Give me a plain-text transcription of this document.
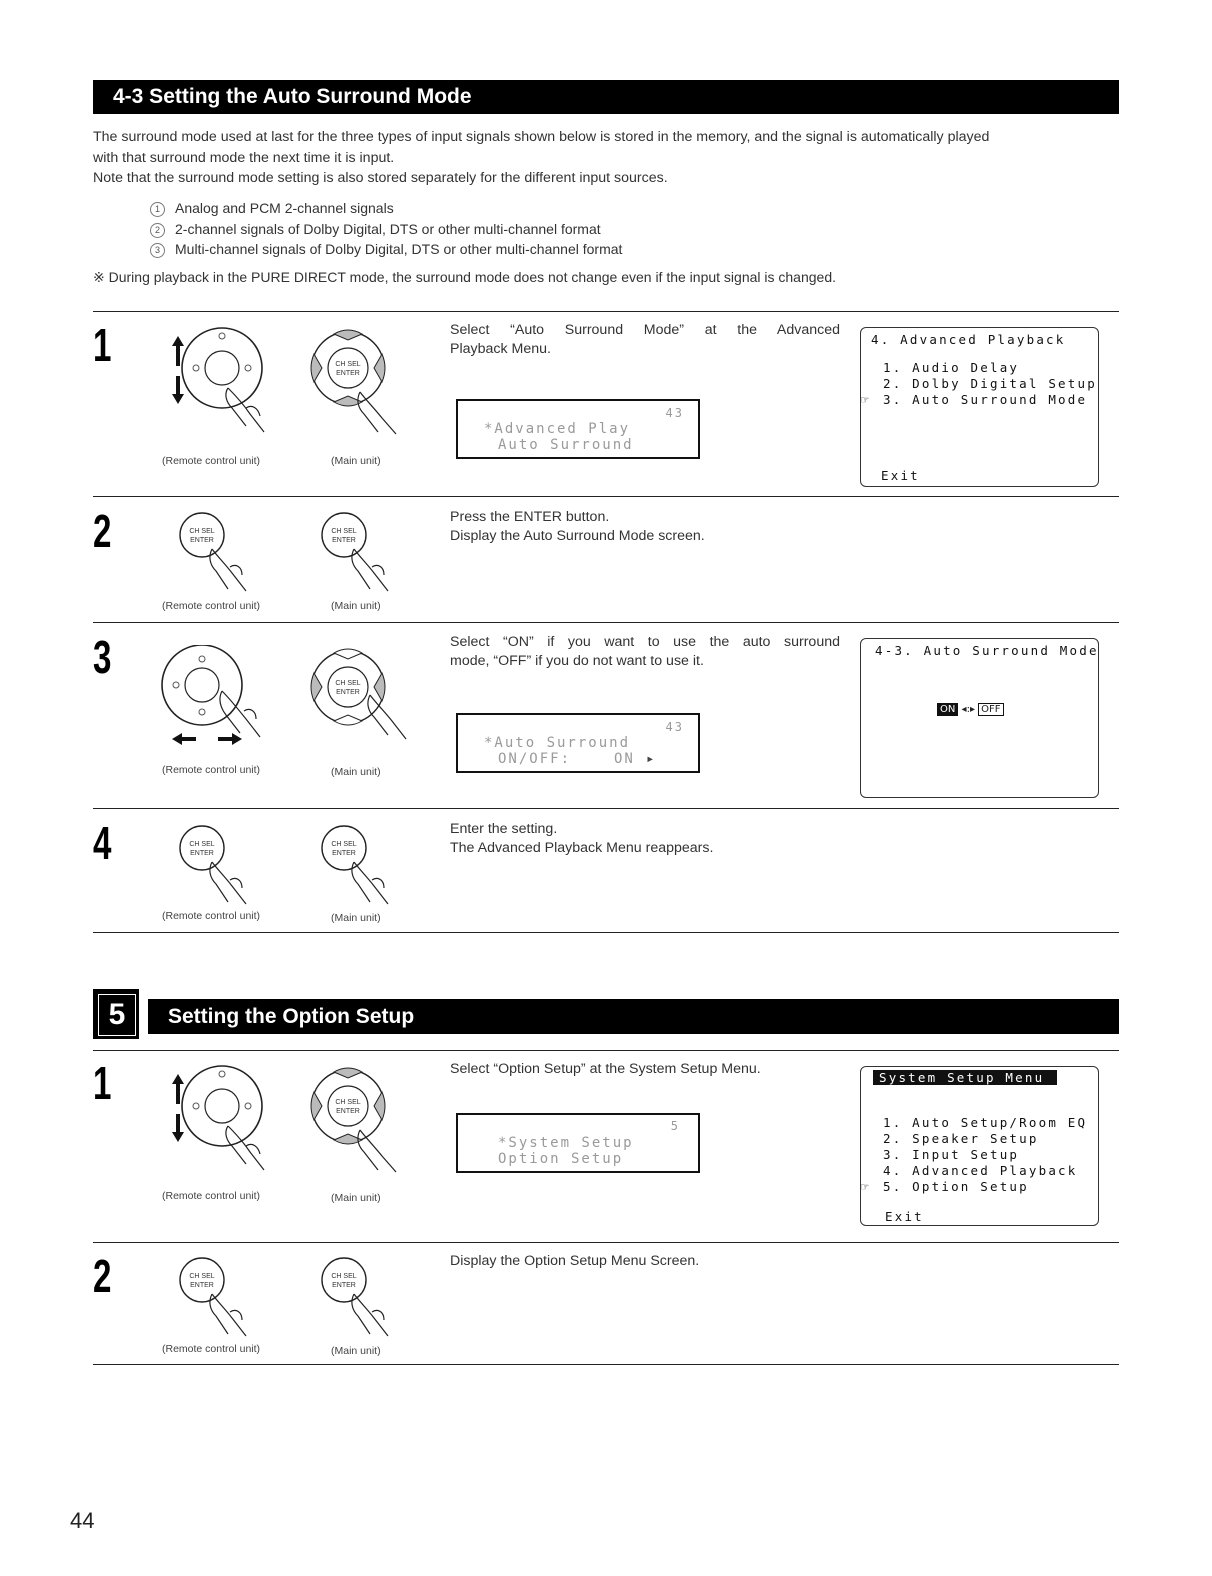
4-3 Setting the Auto Surround Mode

The surround mode used at last for the three types of input signals shown below is stored in the memory, and the signal is automatically played

with that surround mode the next time it is input.

Note that the surround mode setting is also stored separately for the different input sources.

1 Analog and PCM 2-channel signals
2 2-channel signals of Dolby Digital, DTS or other multi-channel format
3 Multi-channel signals of Dolby Digital, DTS or other multi-channel format
※ During playback in the PURE DIRECT mode, the surround mode does not change even if the input signal is changed.
1
(Remote control unit)
CH SEL
ENTER
(Main unit)

Select “Auto Surround Mode” at the Advanced

Playback Menu.

43
*Advanced Play
Auto Surround
4. Advanced Playback
1. Audio Delay
2. Dolby Digital Setup
☞ 3. Auto Surround Mode
Exit
2	CH SEL
ENTER
(Remote control unit)
CH SEL
ENTER
(Main unit)

Press the ENTER button.

Display the Auto Surround Mode screen.

3
(Remote control unit)
CH SEL
ENTER
(Main unit)

Select “ON” if you want to use the auto surround

mode, “OFF” if you do not want to use it.

43
*Auto Surround
ON/OFF:	ON ▸
4-3. Auto Surround Mode
ON ◂:▸ OFF
4	CH SEL
ENTER
(Remote control unit)
CH SEL
ENTER
(Main unit)

Enter the setting.

The Advanced Playback Menu reappears.

5	Setting the Option Setup
1
(Remote control unit)
CH SEL
ENTER
(Main unit)

Select “Option Setup” at the System Setup Menu.

5
*System Setup
Option Setup
System Setup Menu
1. Auto Setup/Room EQ
2. Speaker Setup
3. Input Setup
4. Advanced Playback
☞ 5. Option Setup
Exit
2	CH SEL
ENTER
(Remote control unit)
CH SEL
ENTER
(Main unit)

Display the Option Setup Menu Screen.

44
